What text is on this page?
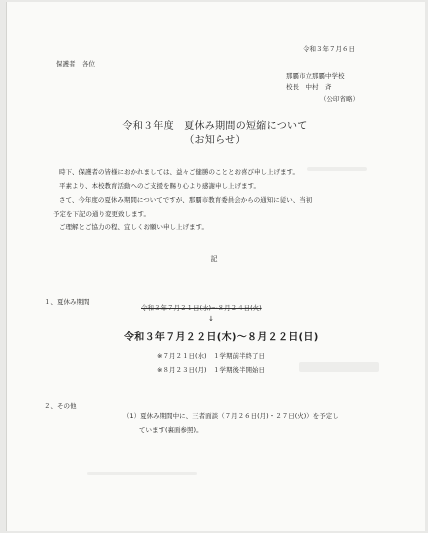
令和３年７月６日
保護者　各位
那覇市立那覇中学校
校長　中村　斉
（公印省略）
令和３年度　夏休み期間の短縮について
（お知らせ）
時下、保護者の皆様におかれましては、益々ご健勝のこととお喜び申し上げます。
平素より、本校教育活動へのご支援を賜り心より感謝申し上げます。
さて、今年度の夏休み期間についてですが、那覇市教育委員会からの通知に従い、当初
予定を下記の通り変更致します。
ご理解とご協力の程、宜しくお願い申し上げます。
記
１、夏休み期間
令和３年７月２１日(水)～８月２４日(火)
↓
令和３年７月２２日(木)～８月２２日(日)
※７月２１日(水)　１学期前半終了日
※８月２３日(月)　１学期後半開始日
２、その他
（1）夏休み期間中に、三者面談（７月２６日(月)・２７日(火)）を予定し
ています(裏面参照)。
